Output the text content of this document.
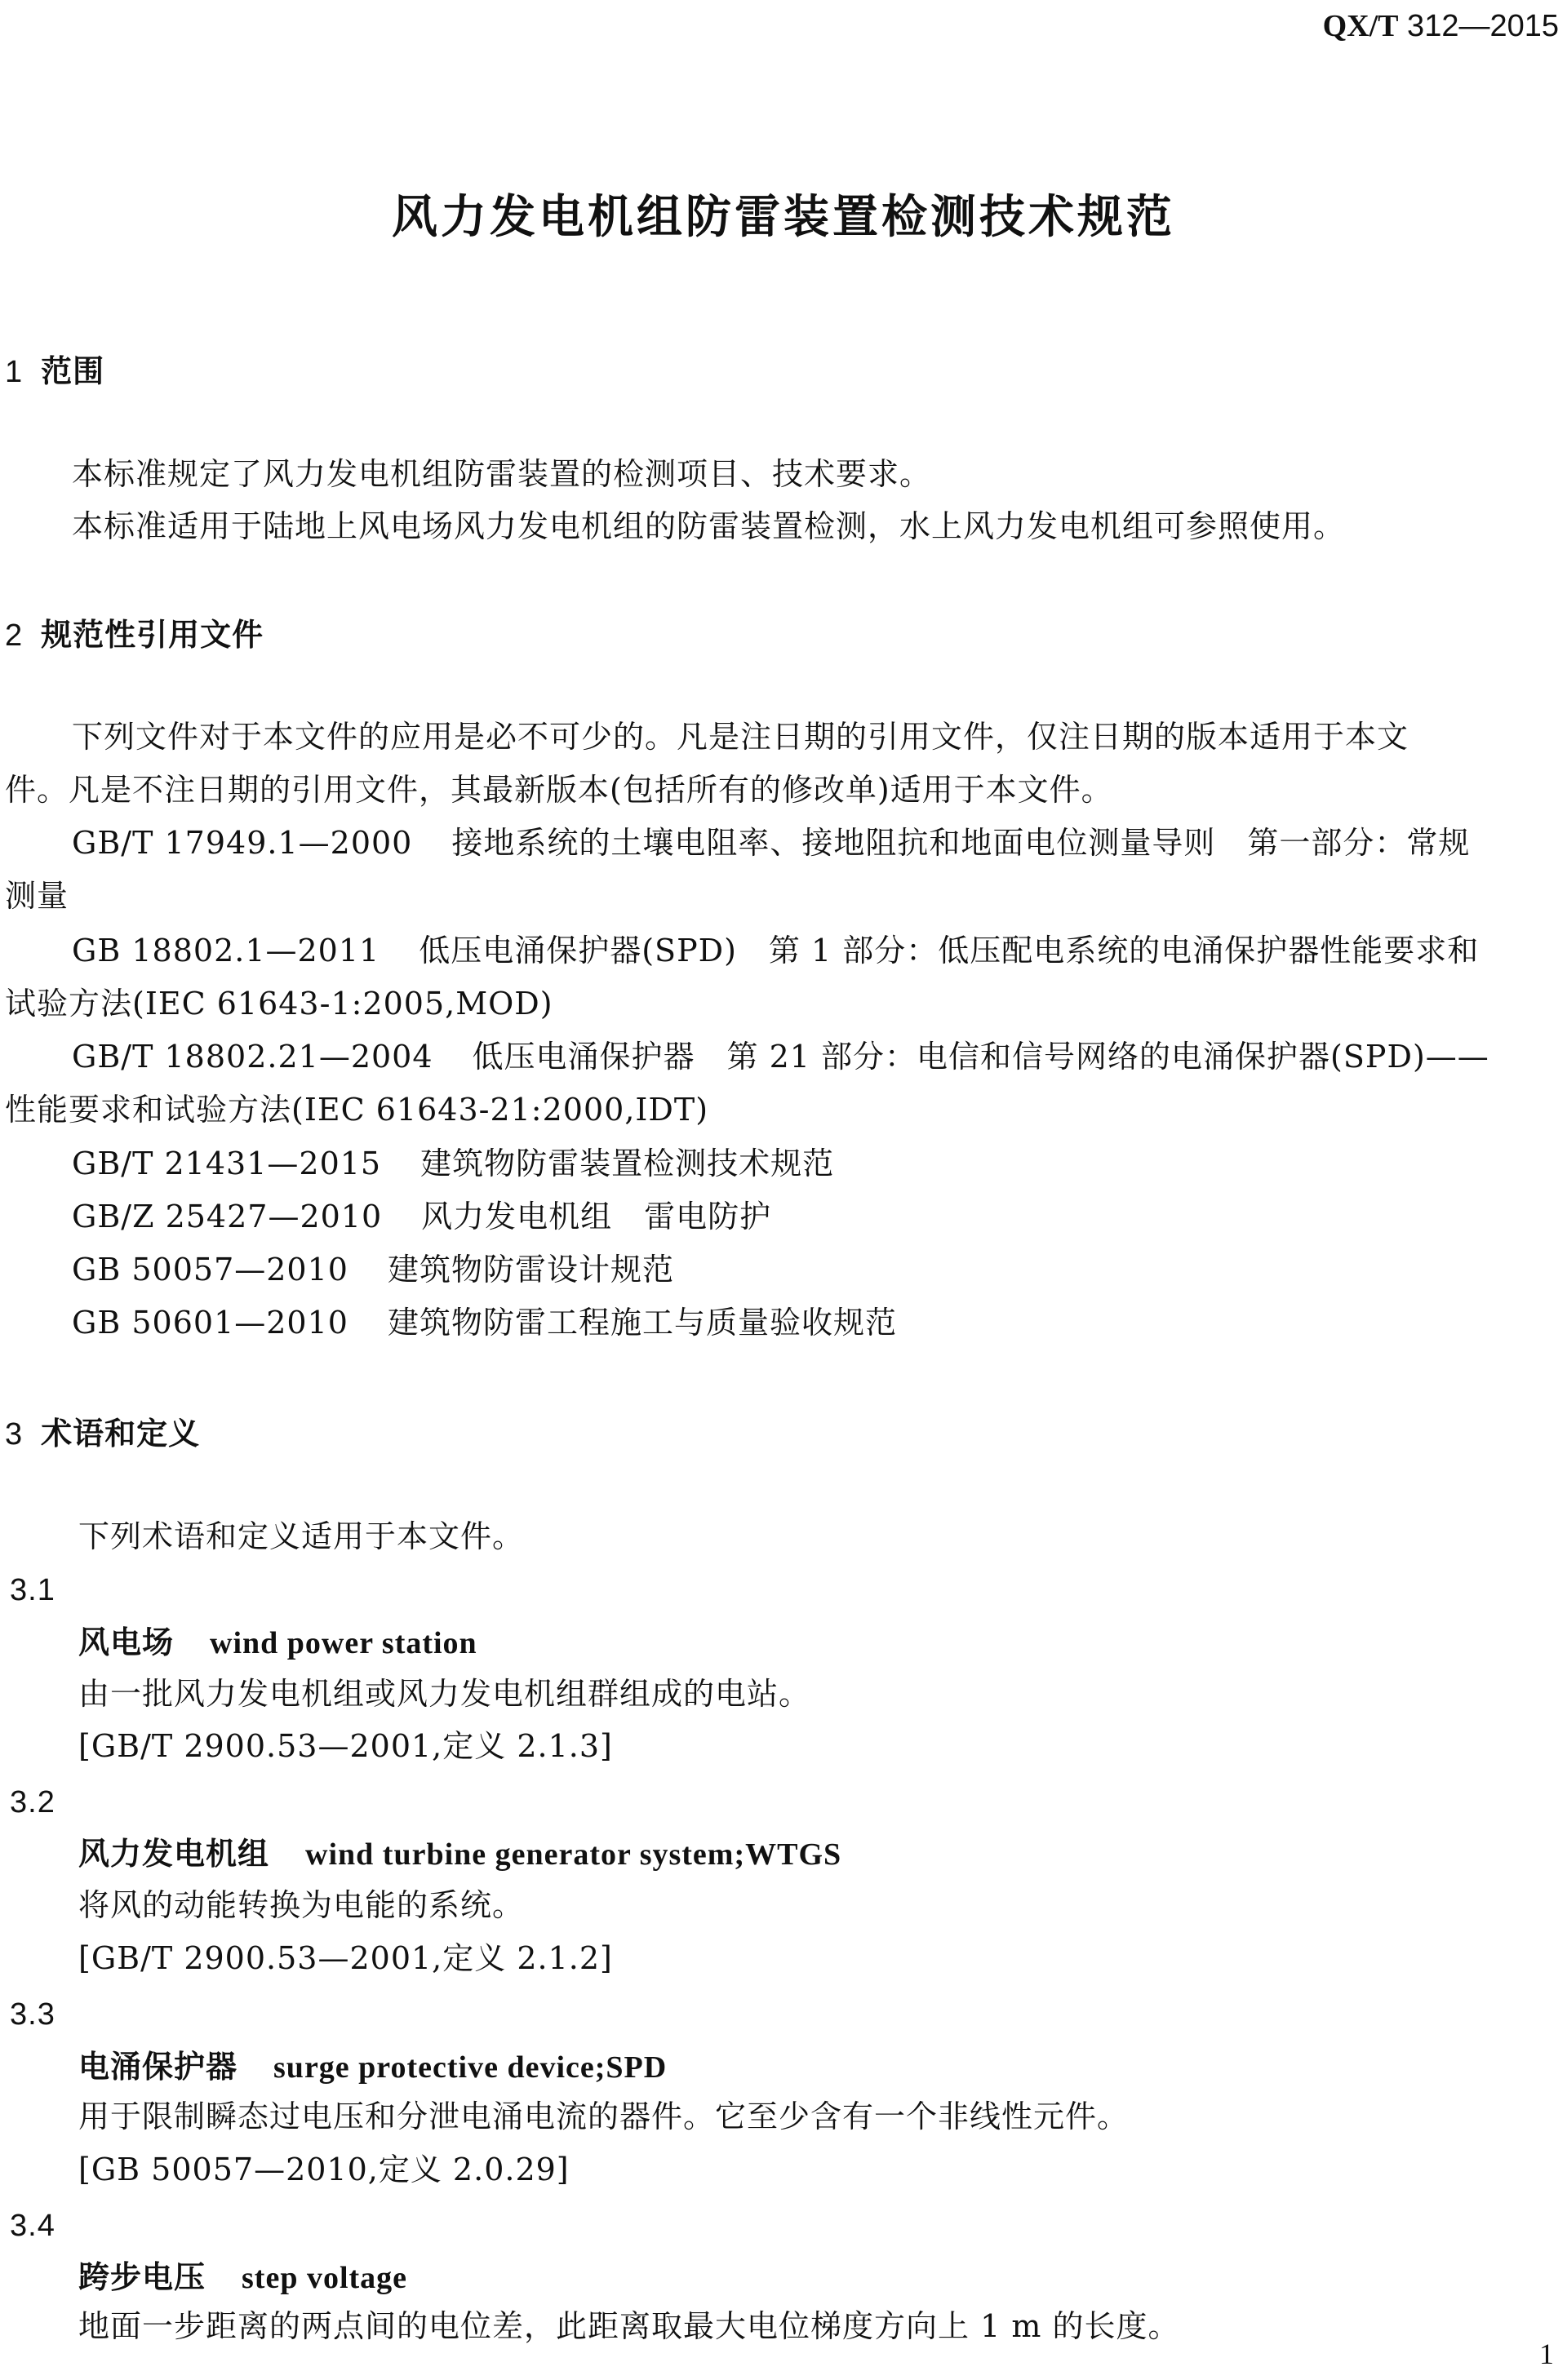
QX/T 312—2015
风力发电机组防雷装置检测技术规范
1 范围
本标准规定了风力发电机组防雷装置的检测项目、技术要求。
本标准适用于陆地上风电场风力发电机组的防雷装置检测，水上风力发电机组可参照使用。
2 规范性引用文件
下列文件对于本文件的应用是必不可少的。凡是注日期的引用文件，仅注日期的版本适用于本文
件。凡是不注日期的引用文件，其最新版本(包括所有的修改单)适用于本文件。
GB/T 17949.1—2000 接地系统的土壤电阻率、接地阻抗和地面电位测量导则　第一部分：常规
测量
GB 18802.1—2011 低压电涌保护器(SPD)　第 1 部分：低压配电系统的电涌保护器性能要求和
试验方法(IEC 61643-1:2005,MOD)
GB/T 18802.21—2004 低压电涌保护器　第 21 部分：电信和信号网络的电涌保护器(SPD)——
性能要求和试验方法(IEC 61643-21:2000,IDT)
GB/T 21431—2015 建筑物防雷装置检测技术规范
GB/Z 25427—2010 风力发电机组　雷电防护
GB 50057—2010 建筑物防雷设计规范
GB 50601—2010 建筑物防雷工程施工与质量验收规范
3 术语和定义
下列术语和定义适用于本文件。
3.1
风电场 wind power station
由一批风力发电机组或风力发电机组群组成的电站。
[GB/T 2900.53—2001,定义 2.1.3]
3.2
风力发电机组 wind turbine generator system;WTGS
将风的动能转换为电能的系统。
[GB/T 2900.53—2001,定义 2.1.2]
3.3
电涌保护器 surge protective device;SPD
用于限制瞬态过电压和分泄电涌电流的器件。它至少含有一个非线性元件。
[GB 50057—2010,定义 2.0.29]
3.4
跨步电压 step voltage
地面一步距离的两点间的电位差，此距离取最大电位梯度方向上 1 m 的长度。
1
